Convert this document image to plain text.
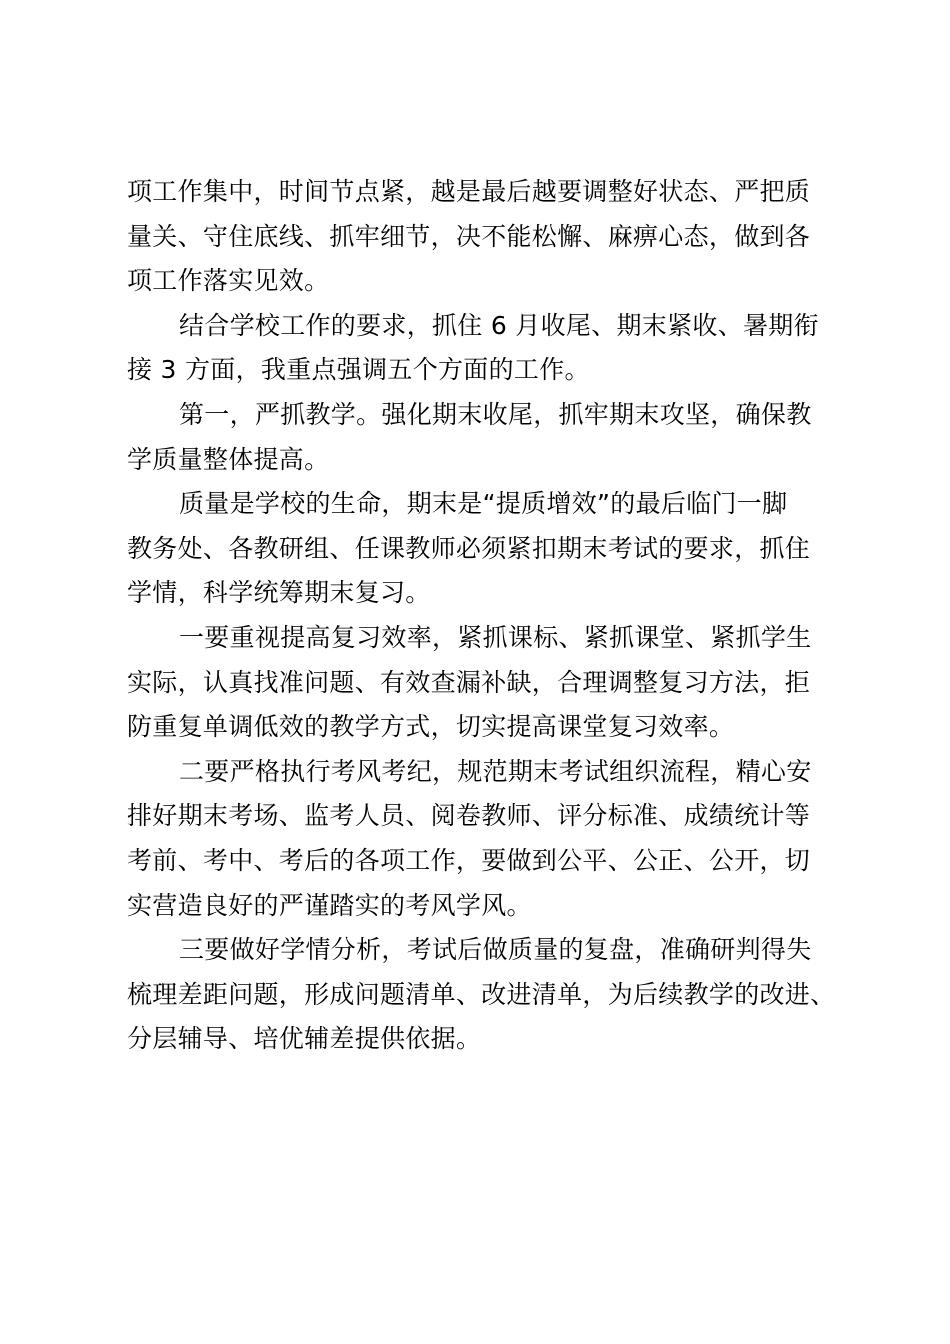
项工作集中，时间节点紧，越是最后越要调整好状态、严把质
量关、守住底线、抓牢细节，决不能松懈、麻痹心态，做到各
项工作落实见效。
结合学校工作的要求，抓住 6 月收尾、期末紧收、暑期衔
接 3 方面，我重点强调五个方面的工作。
第一，严抓教学。强化期末收尾，抓牢期末攻坚，确保教
学质量整体提高。
质量是学校的生命，期末是“提质增效”的最后临门一脚
教务处、各教研组、任课教师必须紧扣期末考试的要求，抓住
学情，科学统筹期末复习。
一要重视提高复习效率，紧抓课标、紧抓课堂、紧抓学生
实际，认真找准问题、有效查漏补缺，合理调整复习方法，拒
防重复单调低效的教学方式，切实提高课堂复习效率。
二要严格执行考风考纪，规范期末考试组织流程，精心安
排好期末考场、监考人员、阅卷教师、评分标准、成绩统计等
考前、考中、考后的各项工作，要做到公平、公正、公开，切
实营造良好的严谨踏实的考风学风。
三要做好学情分析，考试后做质量的复盘，准确研判得失
梳理差距问题，形成问题清单、改进清单，为后续教学的改进、
分层辅导、培优辅差提供依据。
